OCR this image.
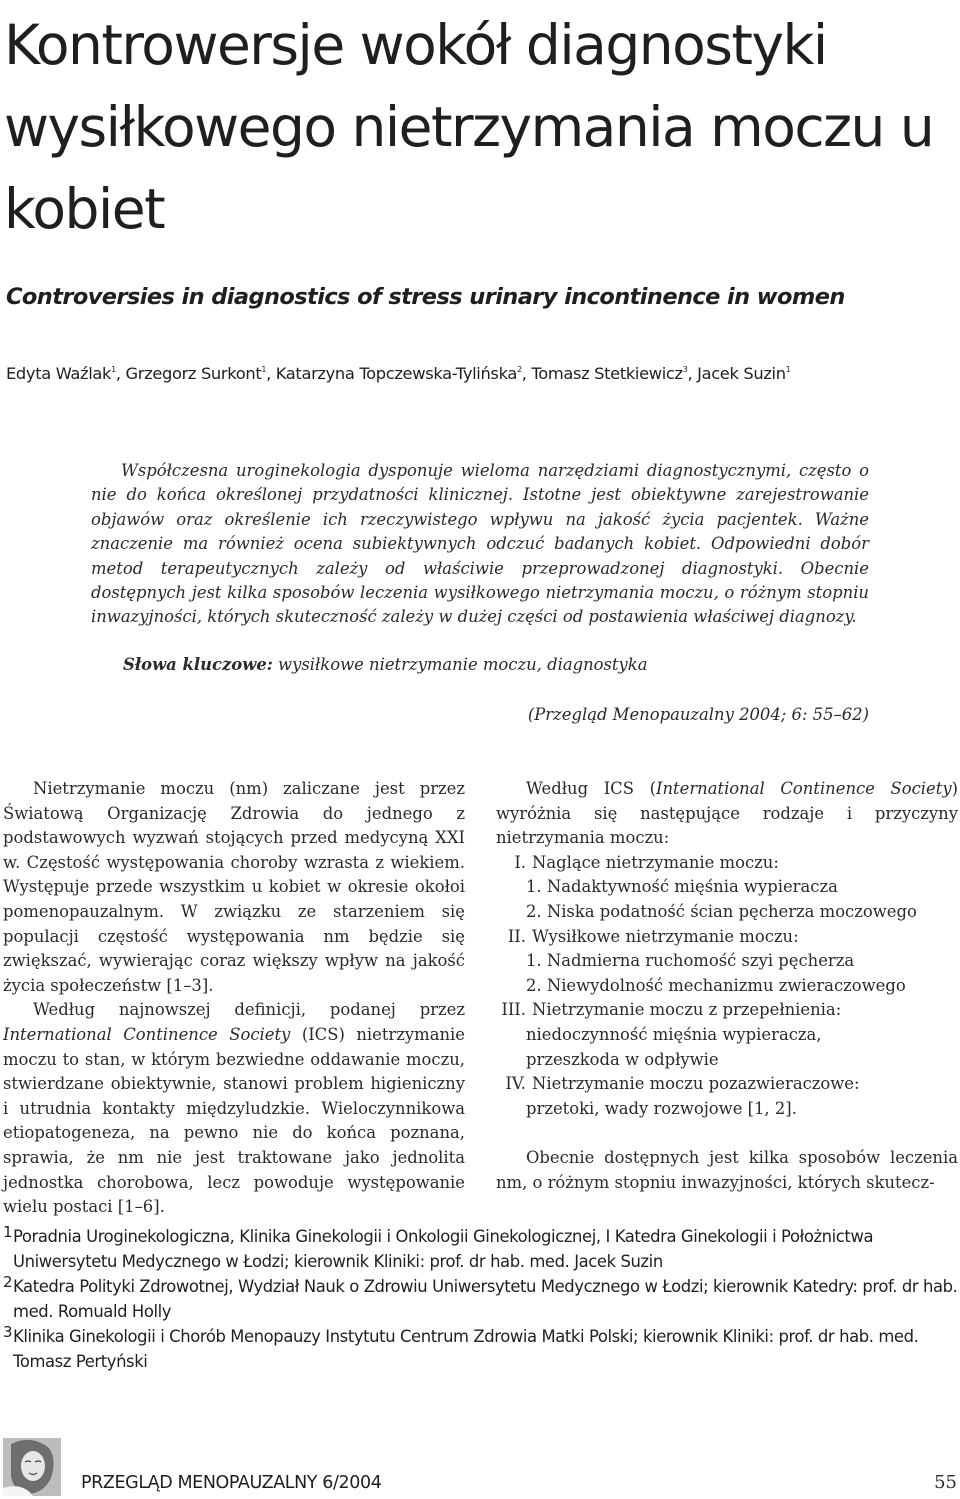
Kontrowersje wokół diagnostyki wysiłkowego nietrzymania moczu u kobiet
Controversies in diagnostics of stress urinary incontinence in women
Edyta Waźlak$^1$, Grzegorz Surkont$^1$, Katarzyna Topczewska-Tylińska$^2$, Tomasz Stetkiewicz$^3$, Jacek Suzin$^1$

Współczesna uroginekologia dysponuje wieloma narzędziami diagnostycznymi, często o nie do końca określonej przydatności klinicznej. Istotne jest obiektywne zarejestrowanie objawów oraz określenie ich rzeczywistego wpływu na jakość życia pacjentek. Ważne znaczenie ma również ocena subiektywnych odczuć badanych kobiet. Odpowiedni dobór metod terapeutycznych zależy od właściwie przeprowadzonej diagnostyki. Obecnie dostępnych jest kilka sposobów leczenia wysiłkowego nietrzymania moczu, o różnym stopniu inwazyjności, których skuteczność zależy w dużej części od postawienia właściwej diagnozy.

Słowa kluczowe: wysiłkowe nietrzymanie moczu, diagnostyka
(Przegląd Menopauzalny 2004; 6: 55–62)

Nietrzymanie moczu (nm) zaliczane jest przez Światową Organizację Zdrowia do jednego z podstawowych wyzwań stojących przed medycyną XXI w. Częstość występowania choroby wzrasta z wiekiem. Występuje przede wszystkim u kobiet w okresie okołoi pomenopauzalnym. W związku ze starzeniem się populacji częstość występowania nm będzie się zwiększać, wywierając coraz większy wpływ na jakość życia społeczeństw [1–3].

Według najnowszej definicji, podanej przez International Continence Society (ICS) nietrzymanie moczu to stan, w którym bezwiedne oddawanie moczu, stwierdzane obiektywnie, stanowi problem higieniczny i utrudnia kontakty międzyludzkie. Wieloczynnikowa etiopatogeneza, na pewno nie do końca poznana, sprawia, że nm nie jest traktowane jako jednolita jednostka chorobowa, lecz powoduje występowanie wielu postaci [1–6].

Według ICS (International Continence Society) wyróżnia się następujące rodzaje i przyczyny nietrzymania moczu:

I. Naglące nietrzymanie moczu:
1. Nadaktywność mięśnia wypieracza
2. Niska podatność ścian pęcherza moczowego
II. Wysiłkowe nietrzymanie moczu:
1. Nadmierna ruchomość szyi pęcherza
2. Niewydolność mechanizmu zwieraczowego
III. Nietrzymanie moczu z przepełnienia:
niedoczynność mięśnia wypieracza, przeszkoda w odpływie
IV. Nietrzymanie moczu pozazwieraczowe:
przetoki, wady rozwojowe [1, 2].

Obecnie dostępnych jest kilka sposobów leczenia nm, o różnym stopniu inwazyjności, których skutecz-

1 Poradnia Uroginekologiczna, Klinika Ginekologii i Onkologii Ginekologicznej, I Katedra Ginekologii i Położnictwa Uniwersytetu Medycznego w Łodzi; kierownik Kliniki: prof. dr hab. med. Jacek Suzin
2 Katedra Polityki Zdrowotnej, Wydział Nauk o Zdrowiu Uniwersytetu Medycznego w Łodzi; kierownik Katedry: prof. dr hab. med. Romuald Holly
3 Klinika Ginekologii i Chorób Menopauzy Instytutu Centrum Zdrowia Matki Polski; kierownik Kliniki: prof. dr hab. med. Tomasz Pertyński
PRZEGLĄD MENOPAUZALNY 6/2004	55
